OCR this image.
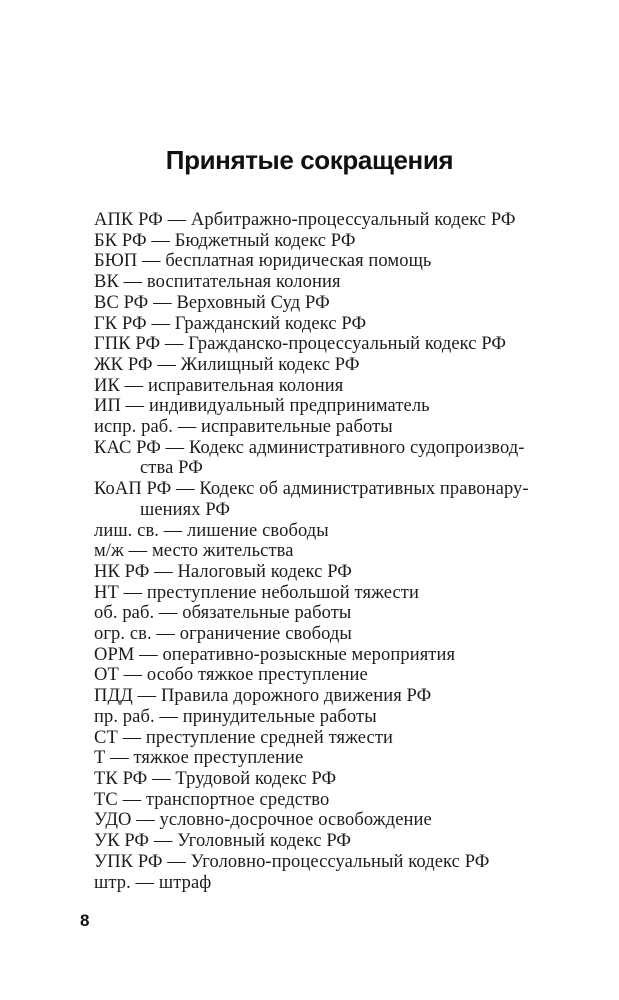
Принятые сокращения
АПК РФ — Арбитражно-процессуальный кодекс РФ
БК РФ — Бюджетный кодекс РФ
БЮП — бесплатная юридическая помощь
ВК — воспитательная колония
ВС РФ — Верховный Суд РФ
ГК РФ — Гражданский кодекс РФ
ГПК РФ — Гражданско-процессуальный кодекс РФ
ЖК РФ — Жилищный кодекс РФ
ИК — исправительная колония
ИП — индивидуальный предприниматель
испр. раб. — исправительные работы
КАС РФ — Кодекс административного судопроизвод-
ства РФ
КоАП РФ — Кодекс об административных правонару-
шениях РФ
лиш. св. — лишение свободы
м/ж — место жительства
НК РФ — Налоговый кодекс РФ
НТ — преступление небольшой тяжести
об. раб. — обязательные работы
огр. св. — ограничение свободы
ОРМ — оперативно-розыскные мероприятия
ОТ — особо тяжкое преступление
ПДД — Правила дорожного движения РФ
пр. раб. — принудительные работы
СТ — преступление средней тяжести
Т — тяжкое преступление
ТК РФ — Трудовой кодекс РФ
ТС — транспортное средство
УДО — условно-досрочное освобождение
УК РФ — Уголовный кодекс РФ
УПК РФ — Уголовно-процессуальный кодекс РФ
штр. — штраф
8
